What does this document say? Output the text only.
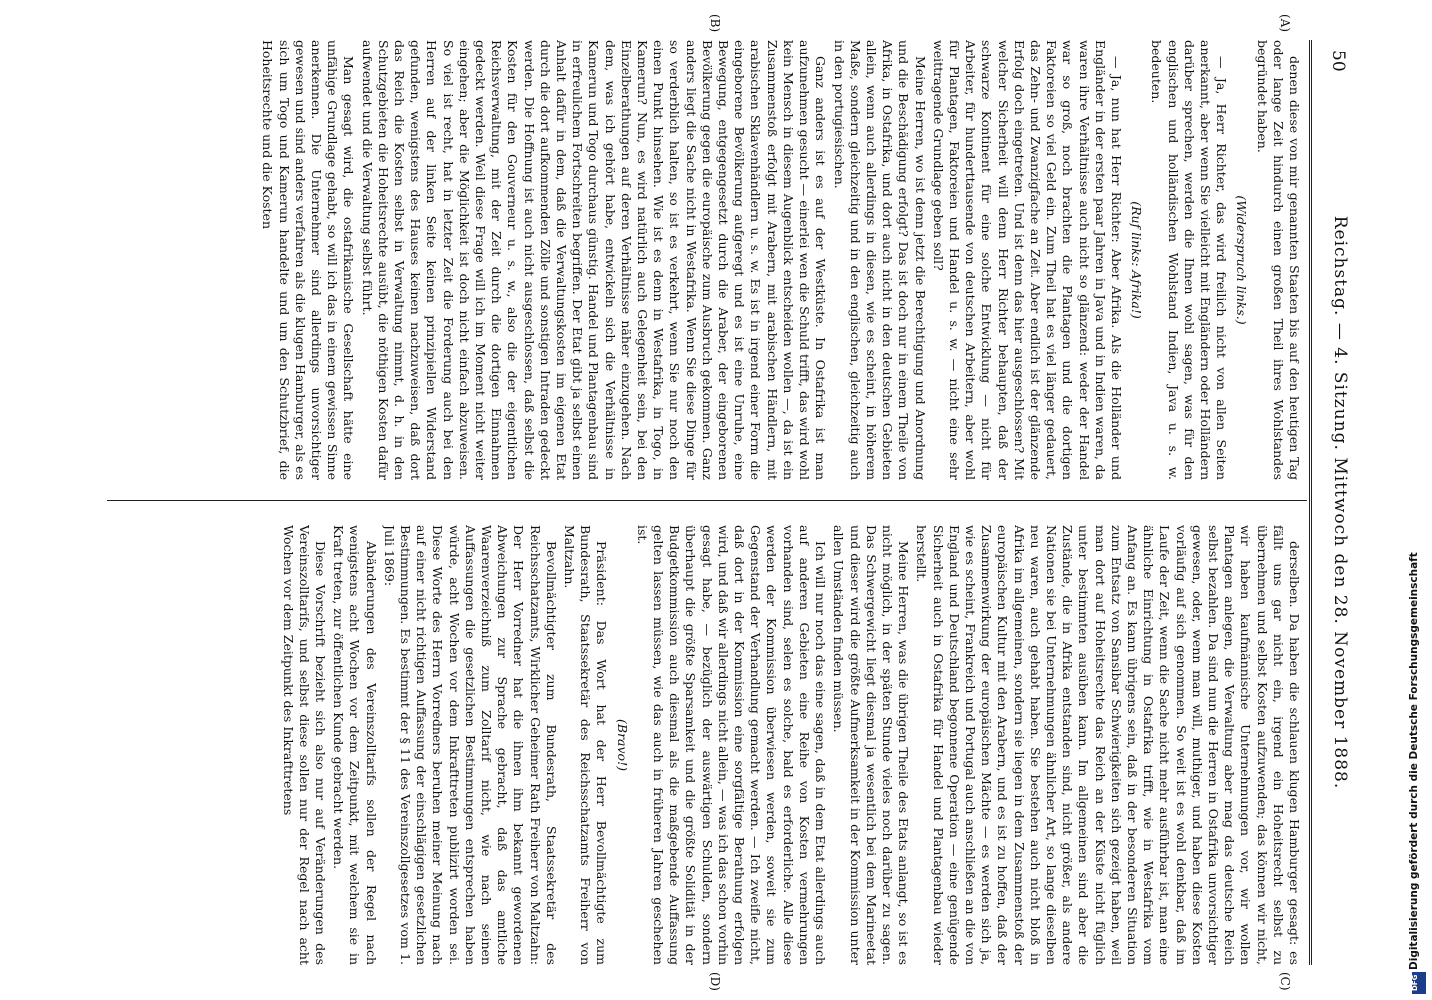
50
Reichstag. — 4. Sitzung. Mittwoch den 28. November 1888.
(A)
(B)
(C)
(D)

denen diese von mir genannten Staaten bis auf den heutigen Tag oder lange Zeit hindurch einen großen Theil ihres Wohlstandes begründet haben.

(Widerspruch links.)

— Ja, Herr Richter, das wird freilich nicht von allen Seiten anerkannt, aber wenn Sie vielleicht mit Engländern oder Holländern darüber sprechen, werden die Ihnen wohl sagen, was für den englischen und holländischen Wohlstand Indien, Java u. s. w. bedeuten.

(Ruf links: Afrika!)

— Ja, nun hat Herr Richter: Aber Afrika. Als die Holländer und Engländer in der ersten paar Jahren in Java und in Indien waren, da waren ihre Verhältnisse auch nicht so glänzend: weder der Handel war so groß, noch brachten die Plantagen und die dortigen Faktoreien so viel Geld ein. Zum Theil hat es viel länger gedauert, das Zehn- und Zwanzigfache an Zeit. Aber endlich ist der glänzende Erfolg doch eingetreten. Und ist denn das hier ausgeschlossen? Mit welcher Sicherheit will denn Herr Richter behaupten, daß der schwarze Kontinent für eine solche Entwicklung — nicht für Arbeiter, für hunderttausende von deutschen Arbeitern, aber wohl für Plantagen, Faktoreien und Handel u. s. w. — nicht eine sehr weittragende Grundlage geben soll?

Meine Herren, wo ist denn jetzt die Berechtigung und Anordnung und die Beschädigung erfolgt? Das ist doch nur in einem Theile von Afrika, in Ostafrika, und dort auch nicht in den deutschen Gebieten allein, wenn auch allerdings in diesen, wie es scheint, in höherem Maße, sondern gleichzeitig und in den englischen, gleichzeitig auch in den portugiesischen.

Ganz anders ist es auf der Westküste. In Ostafrika ist man aufzunehmen gesucht — einerlei wen die Schuld trifft, das wird wohl kein Mensch in diesem Augenblick entscheiden wollen —, da ist ein Zusammenstoß erfolgt mit Arabern, mit arabischen Händlern, mit arabischen Sklavenhändlern u. s. w. Es ist in irgend einer Form die eingeborene Bevölkerung aufgeregt und es ist eine Unruhe, eine Bewegung, entgegengesetzt durch die Araber, der eingeborenen Bevölkerung gegen die europäische zum Ausbruch gekommen. Ganz anders liegt die Sache nicht in Westafrika. Wenn Sie diese Dinge für so verderblich halten, so ist es verkehrt, wenn Sie nur noch den einen Punkt hinsehen. Wie ist es denn in Westafrika, in Togo, in Kamerun? Nun, es wird natürlich auch Gelegenheit sein, bei den Einzelberathungen auf deren Verhältnisse näher einzugehen. Nach dem, was ich gehört habe, entwickeln sich die Verhältnisse in Kamerun und Togo durchaus günstig. Handel und Plantagenbau sind in erfreulichem Fortschreiten begriffen. Der Etat gibt ja selbst einen Anhalt dafür in dem, daß die Verwaltungskosten im eigenen Etat durch die dort aufkommenden Zölle und sonstigen Intraden gedeckt werden. Die Hoffnung ist auch nicht ausgeschlossen, daß selbst die Kosten für den Gouverneur u. s. w., also die der eigentlichen Reichsverwaltung, mit der Zeit durch die dortigen Einnahmen gedeckt werden. Weil diese Frage will ich im Moment nicht weiter eingehen; aber die Möglichkeit ist doch nicht einfach abzuweisen. So viel ist recht, hat in letzter Zeit die Forderung auch bei den Herren auf der linken Seite keinen prinzipiellen Widerstand gefunden, wenigstens des Hauses keinen nachzuweisen, daß dort das Reich die Kosten selbst in Verwaltung nimmt, d. h. in den Schutzgebieten die Hoheitsrechte ausübt, die nöthigen Kosten dafür aufwendet und die Verwaltung selbst führt.

Man gesagt wird, die ostafrikanische Gesellschaft hätte eine unfähige Grundlage gehabt, so will ich das in einem gewissen Sinne anerkennen. Die Unternehmer sind allerdings unvorsichtiger gewesen und sind anders verfahren als die klugen Hamburger, als es sich um Togo und Kamerun handelte und um den Schutzbrief, die Hoheitsrechte und die Kosten

derselben. Da haben die schlauen klugen Hamburger gesagt: es fällt uns gar nicht ein, irgend ein Hoheitsrecht selbst zu übernehmen und selbst Kosten aufzuwenden; das können wir nicht, wir haben kaufmännische Unternehmungen vor, wir wollen Plantagen anlegen, die Verwaltung aber mag das deutsche Reich selbst bezahlen. Da sind nun die Herren in Ostafrika unvorsichtiger gewesen, oder, wenn man will, muthiger, und haben diese Kosten vorläufig auf sich genommen. So weit ist es wohl denkbar, daß im Laufe der Zeit, wenn die Sache nicht mehr ausführbar ist, man eine ähnliche Einrichtung in Ostafrika trifft, wie in Westafrika vom Anfang an. Es kann übrigens sein, daß in der besonderen Situation zum Entsatz von Sansibar Schwierigkeiten sich gezeigt haben, weil man dort auf Hoheitsrechte das Reich an der Küste nicht füglich unter bestimmten ausüben kann. Im allgemeinen sind aber die Zustände, die in Afrika entstanden sind, nicht größer, als andere Nationen sie bei Unternehmungen ähnlicher Art, so lange dieselben neu waren, auch gehabt haben. Sie bestehen auch nicht bloß in Afrika im allgemeinen, sondern sie liegen in dem Zusammenstoß der europäischen Kultur mit den Arabern, und es ist zu hoffen, daß der Zusammenwirkung der europäischen Mächte — es werden sich ja, wie es scheint, Frankreich und Portugal auch anschließen an die von England und Deutschland begonnene Operation — eine genügende Sicherheit auch in Ostafrika für Handel und Plantagenbau wieder herstellt.

Meine Herren, was die übrigen Theile des Etats anlangt, so ist es nicht möglich, in der späten Stunde vieles noch darüber zu sagen. Das Schwergewicht liegt diesmal ja wesentlich bei dem Marineetat und dieser wird die größte Aufmerksamkeit in der Kommission unter allen Umständen finden müssen.

Ich will nur noch das eine sagen, daß in dem Etat allerdings auch auf anderen Gebieten eine Reihe von Kosten vermehrungen vorhanden sind, selen es solche, bald es erforderliche. Alle diese werden der Kommission überwiesen werden, soweit sie zum Gegenstand der Verhandlung gemacht werden. — Ich zweifle nicht, daß dort in der Kommission eine sorgfältige Berathung erfolgen wird, und daß wir allerdings nicht allein, — was ich das schon vorhin gesagt habe, — bezüglich der auswärtigen Schulden, sondern überhaupt die größte Sparsamkeit und die größte Solidität in der Budgetkommission auch diesmal als die maßgebende Auffassung gelten lassen müssen, wie das auch in früheren Jahren geschehen ist.

(Bravo!)

Präsident: Das Wort hat der Herr Bevollmächtigte zum Bundesrath, Staatssekretär des Reichsschatzamts Freiherr von Maltzahn.

Bevollmächtigter zum Bundesrath, Staatssekretär des Reichsschatzamts, Wirklicher Geheimer Rath Freiherr von Maltzahn: Der Herr Vorredner hat die ihnen ihm bekannt gewordenen Abweichungen zur Sprache gebracht, daß das amtliche Waarenverzeichniß zum Zolltarif nicht, wie nach seinen Auffassungen die gesetzlichen Bestimmungen entsprechen haben würde, acht Wochen vor dem Inkrafttreten publizirt worden sei. Diese Worte des Herrn Vorredners beruhen meiner Meinung nach auf einer nicht richtigen Auffassung der einschlägigen gesetzlichen Bestimmungen. Es bestimmt der § 11 des Vereinszollgesetzes vom 1. Juli 1869:

Abänderungen des Vereinszolltarifs sollen der Regel nach wenigstens acht Wochen vor dem Zeitpunkt, mit welchem sie in Kraft treten, zur öffentlichen Kunde gebracht werden.

Diese Vorschrift bezieht sich also nur auf Veränderungen des Vereinszolltarifs, und selbst diese sollen nur der Regel nach acht Wochen vor dem Zeitpunkt des Inkrafttretens	Digitalisierung gefördert durch die Deutsche Forschungsgemeinschaft
DFG
